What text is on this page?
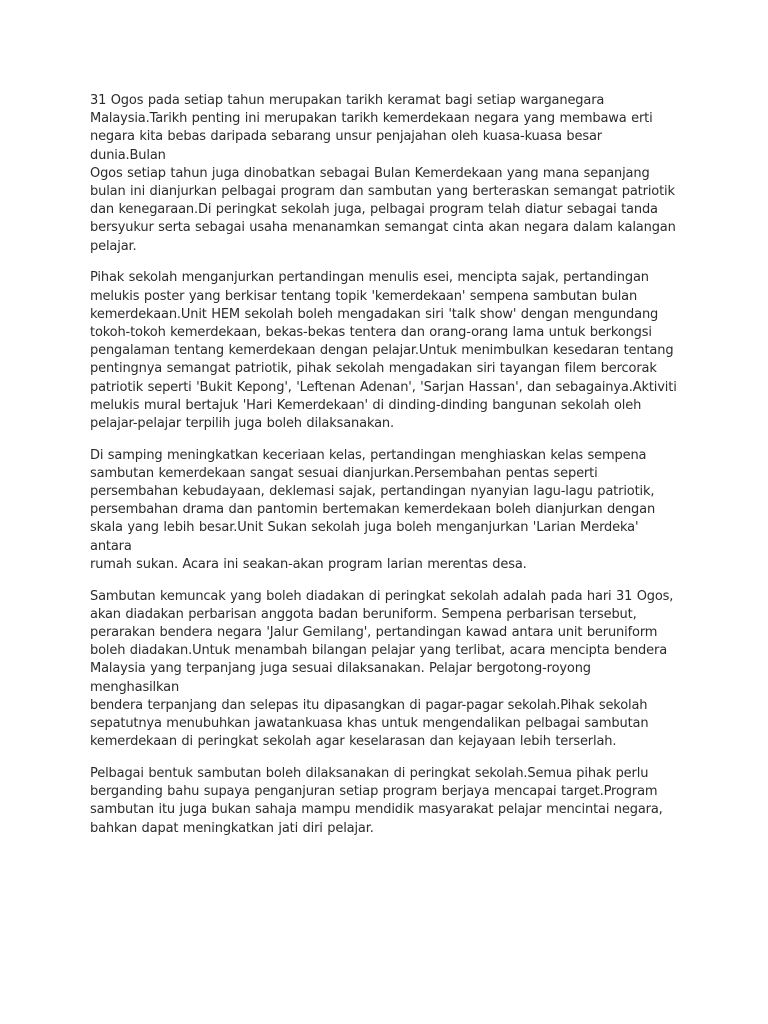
31 Ogos pada setiap tahun merupakan tarikh keramat bagi setiap warganegara
Malaysia.Tarikh penting ini merupakan tarikh kemerdekaan negara yang membawa erti
negara kita bebas daripada sebarang unsur penjajahan oleh kuasa-kuasa besar dunia.Bulan
Ogos setiap tahun juga dinobatkan sebagai Bulan Kemerdekaan yang mana sepanjang
bulan ini dianjurkan pelbagai program dan sambutan yang berteraskan semangat patriotik
dan kenegaraan.Di peringkat sekolah juga, pelbagai program telah diatur sebagai tanda
bersyukur serta sebagai usaha menanamkan semangat cinta akan negara dalam kalangan
pelajar.

Pihak sekolah menganjurkan pertandingan menulis esei, mencipta sajak, pertandingan
melukis poster yang berkisar tentang topik 'kemerdekaan' sempena sambutan bulan
kemerdekaan.Unit HEM sekolah boleh mengadakan siri 'talk show' dengan mengundang
tokoh-tokoh kemerdekaan, bekas-bekas tentera dan orang-orang lama untuk berkongsi
pengalaman tentang kemerdekaan dengan pelajar.Untuk menimbulkan kesedaran tentang
pentingnya semangat patriotik, pihak sekolah mengadakan siri tayangan filem bercorak
patriotik seperti 'Bukit Kepong', 'Leftenan Adenan', 'Sarjan Hassan', dan sebagainya.Aktiviti
melukis mural bertajuk 'Hari Kemerdekaan' di dinding-dinding bangunan sekolah oleh
pelajar-pelajar terpilih juga boleh dilaksanakan.

Di samping meningkatkan keceriaan kelas, pertandingan menghiaskan kelas sempena
sambutan kemerdekaan sangat sesuai dianjurkan.Persembahan pentas seperti
persembahan kebudayaan, deklemasi sajak, pertandingan nyanyian lagu-lagu patriotik,
persembahan drama dan pantomin bertemakan kemerdekaan boleh dianjurkan dengan
skala yang lebih besar.Unit Sukan sekolah juga boleh menganjurkan 'Larian Merdeka' antara
rumah sukan. Acara ini seakan-akan program larian merentas desa.

Sambutan kemuncak yang boleh diadakan di peringkat sekolah adalah pada hari 31 Ogos,
akan diadakan perbarisan anggota badan beruniform. Sempena perbarisan tersebut,
perarakan bendera negara 'Jalur Gemilang', pertandingan kawad antara unit beruniform
boleh diadakan.Untuk menambah bilangan pelajar yang terlibat, acara mencipta bendera
Malaysia yang terpanjang juga sesuai dilaksanakan. Pelajar bergotong-royong menghasilkan
bendera terpanjang dan selepas itu dipasangkan di pagar-pagar sekolah.Pihak sekolah
sepatutnya menubuhkan jawatankuasa khas untuk mengendalikan pelbagai sambutan
kemerdekaan di peringkat sekolah agar keselarasan dan kejayaan lebih terserlah.

Pelbagai bentuk sambutan boleh dilaksanakan di peringkat sekolah.Semua pihak perlu
berganding bahu supaya penganjuran setiap program berjaya mencapai target.Program
sambutan itu juga bukan sahaja mampu mendidik masyarakat pelajar mencintai negara,
bahkan dapat meningkatkan jati diri pelajar.
